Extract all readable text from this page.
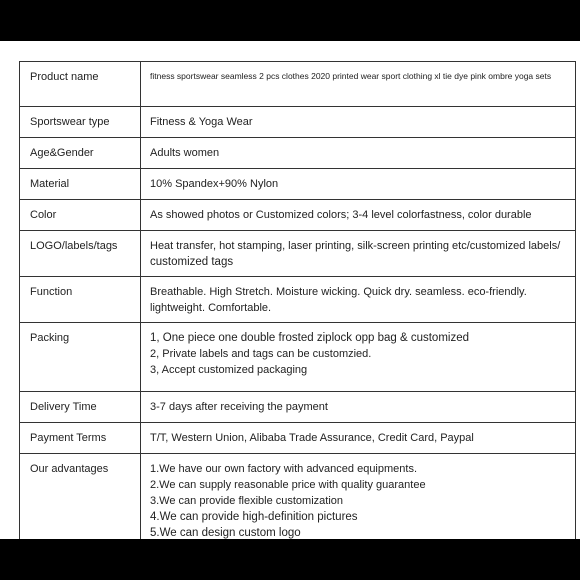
Product name	fitness sportswear seamless 2 pcs clothes 2020 printed wear sport clothing xl tie dye pink ombre yoga sets

Sportswear type	Fitness & Yoga Wear

Age&Gender	Adults women

Material	10% Spandex+90% Nylon

Color	As showed photos or Customized colors; 3-4 level colorfastness, color durable

LOGO/labels/tags	Heat transfer, hot stamping, laser printing, silk-screen printing etc/customized labels/ customized tags
Function	Breathable. High Stretch. Moisture wicking. Quick dry. seamless. eco-friendly. lightweight. Comfortable.

Packing	1, One piece one double frosted ziplock opp bag & customized
2, Private labels and tags can be customzied.
3, Accept customized packaging

Delivery Time	3-7 days after receiving the payment

Payment Terms	T/T, Western Union, Alibaba Trade Assurance, Credit Card, Paypal

Our advantages	1.We have our own factory with advanced equipments.
2.We can supply reasonable price with quality guarantee
3.We can provide flexible customization
4.We can provide high-definition pictures
5.We can design custom logo
